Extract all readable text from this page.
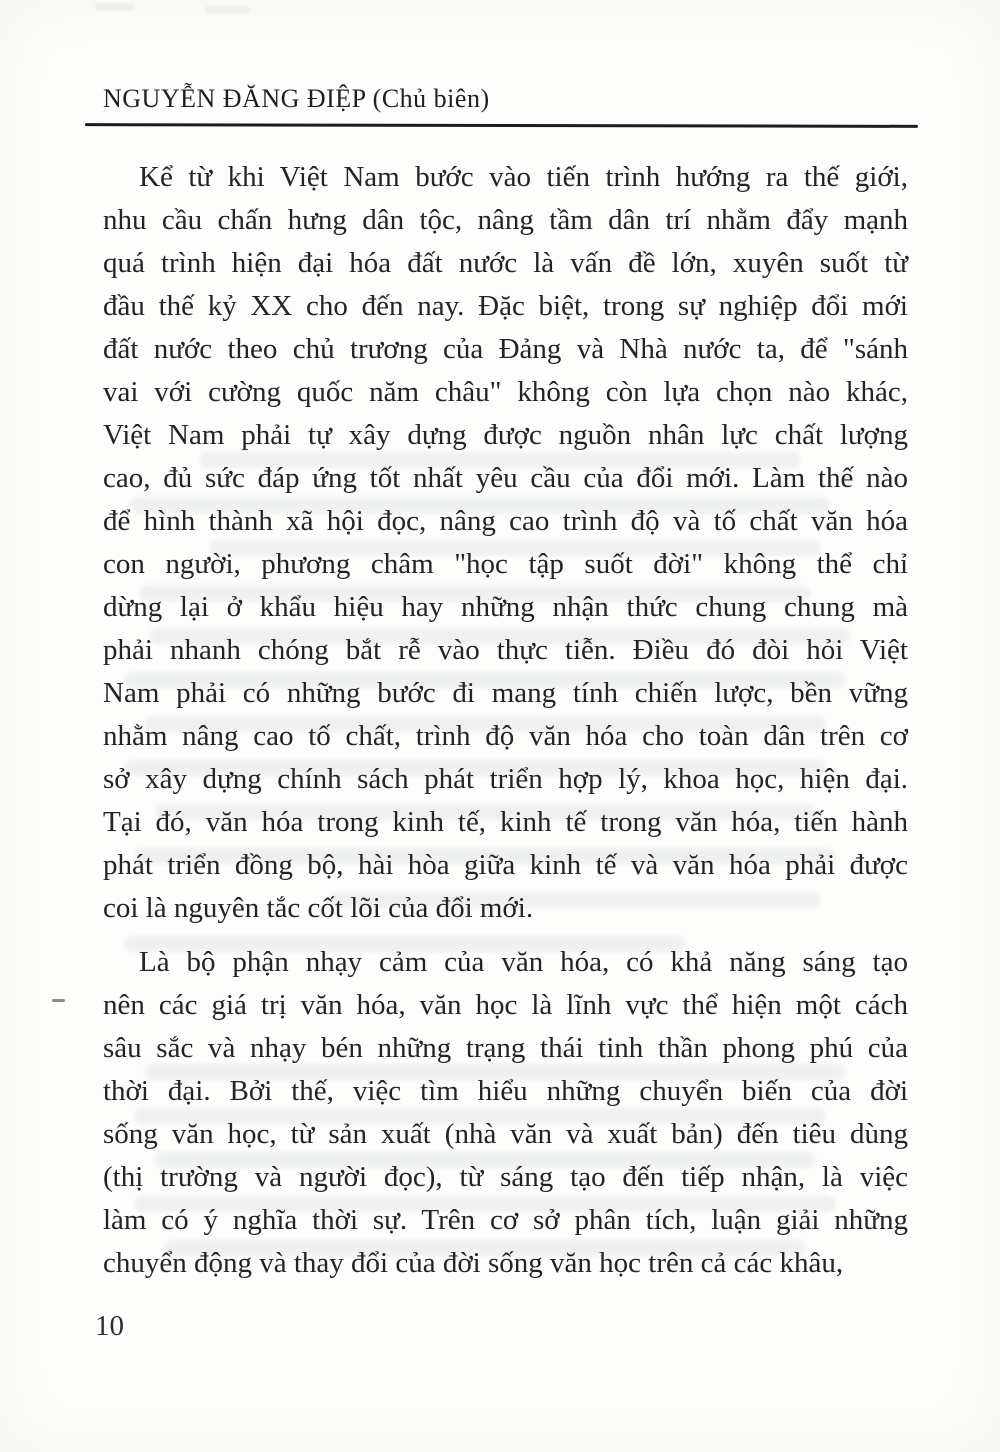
NGUYỄN ĐĂNG ĐIỆP (Chủ biên)
Kể từ khi Việt Nam bước vào tiến trình hướng ra thế giới,
nhu cầu chấn hưng dân tộc, nâng tầm dân trí nhằm đẩy mạnh
quá trình hiện đại hóa đất nước là vấn đề lớn, xuyên suốt từ
đầu thế kỷ XX cho đến nay. Đặc biệt, trong sự nghiệp đổi mới
đất nước theo chủ trương của Đảng và Nhà nước ta, để "sánh
vai với cường quốc năm châu" không còn lựa chọn nào khác,
Việt Nam phải tự xây dựng được nguồn nhân lực chất lượng
cao, đủ sức đáp ứng tốt nhất yêu cầu của đổi mới. Làm thế nào
để hình thành xã hội đọc, nâng cao trình độ và tố chất văn hóa
con người, phương châm "học tập suốt đời" không thể chỉ
dừng lại ở khẩu hiệu hay những nhận thức chung chung mà
phải nhanh chóng bắt rễ vào thực tiễn. Điều đó đòi hỏi Việt
Nam phải có những bước đi mang tính chiến lược, bền vững
nhằm nâng cao tố chất, trình độ văn hóa cho toàn dân trên cơ
sở xây dựng chính sách phát triển hợp lý, khoa học, hiện đại.
Tại đó, văn hóa trong kinh tế, kinh tế trong văn hóa, tiến hành
phát triển đồng bộ, hài hòa giữa kinh tế và văn hóa phải được
coi là nguyên tắc cốt lõi của đổi mới.
Là bộ phận nhạy cảm của văn hóa, có khả năng sáng tạo
nên các giá trị văn hóa, văn học là lĩnh vực thể hiện một cách
sâu sắc và nhạy bén những trạng thái tinh thần phong phú của
thời đại. Bởi thế, việc tìm hiểu những chuyển biến của đời
sống văn học, từ sản xuất (nhà văn và xuất bản) đến tiêu dùng
(thị trường và người đọc), từ sáng tạo đến tiếp nhận, là việc
làm có ý nghĩa thời sự. Trên cơ sở phân tích, luận giải những
chuyển động và thay đổi của đời sống văn học trên cả các khâu,
10
